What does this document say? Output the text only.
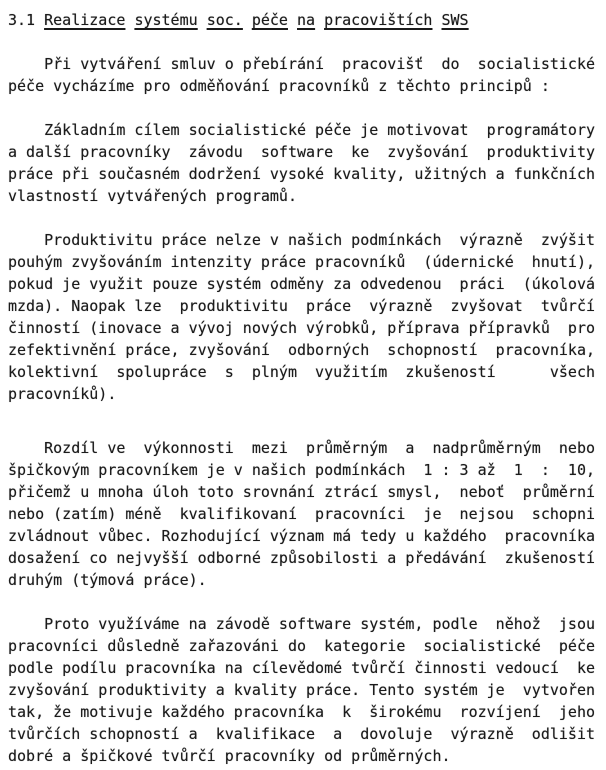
3.1 Realizace systému soc. péče na pracovištích SWS
Při vytváření smluv o přebírání  pracovišť  do  socialistické
péče vycházíme pro odměňování pracovníků z těchto principů :
Základním cílem socialistické péče je motivovat  programátory
a další pracovníky  závodu  software  ke  zvyšování  produktivity
práce při současném dodržení vysoké kvality, užitných a funkčních
vlastností vytvářených programů.
Produktivitu práce nelze v našich podmínkách  výrazně  zvýšit
pouhým zvyšováním intenzity práce pracovníků  (údernické  hnutí),
pokud je využit pouze systém odměny za odvedenou  práci  (úkolová
mzda). Naopak lze  produktivitu  práce  výrazně  zvyšovat  tvůrčí
činností (inovace a vývoj nových výrobků, příprava přípravků  pro
zefektivnění práce, zvyšování  odborných  schopností  pracovníka,
kolektivní  spolupráce  s  plným  využitím  zkušeností      všech
pracovníků).
Rozdíl ve  výkonnosti  mezi  průměrným  a  nadprůměrným  nebo
špičkovým pracovníkem je v našich podmínkách  1 : 3 až  1  :  10,
přičemž u mnoha úloh toto srovnání ztrácí smysl,  neboť  průměrní
nebo (zatím) méně  kvalifikovaní  pracovníci  je  nejsou  schopni
zvládnout vůbec. Rozhodující význam má tedy u každého  pracovníka
dosažení co nejvyšší odborné způsobilosti a předávání  zkušeností
druhým (týmová práce).
Proto využíváme na závodě software systém, podle  něhož  jsou
pracovníci důsledně zařazováni do  kategorie  socialistické  péče
podle podílu pracovníka na cílevědomé tvůrčí činnosti vedoucí  ke
zvyšování produktivity a kvality práce. Tento systém je  vytvořen
tak, že motivuje každého pracovníka  k  širokému  rozvíjení  jeho
tvůrčích schopností a  kvalifikace  a  dovoluje  výrazně  odlišit
dobré a špičkové tvůrčí pracovníky od průměrných.
